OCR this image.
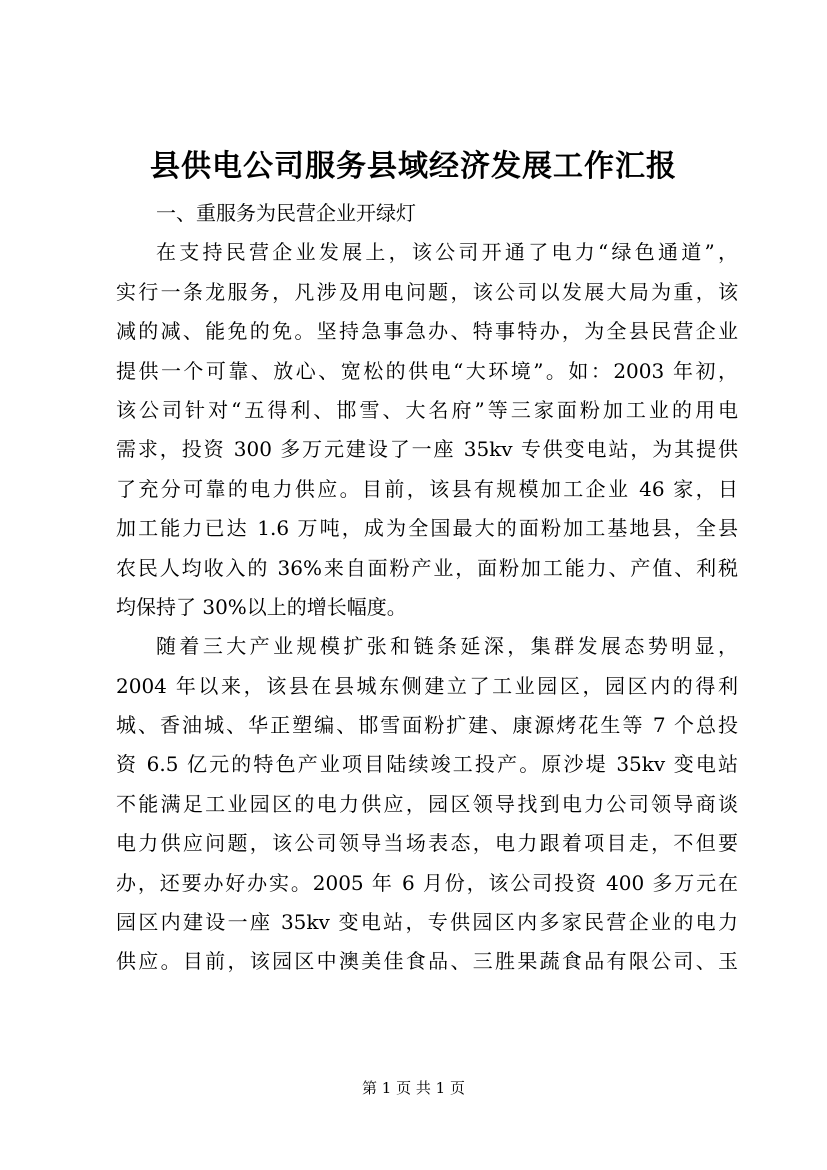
县供电公司服务县域经济发展工作汇报
一、重服务为民营企业开绿灯
在支持民营企业发展上，该公司开通了电力“绿色通道”，
实行一条龙服务，凡涉及用电问题，该公司以发展大局为重，该
减的减、能免的免。坚持急事急办、特事特办，为全县民营企业
提供一个可靠、放心、宽松的供电“大环境”。如：2003 年初，
该公司针对“五得利、邯雪、大名府”等三家面粉加工业的用电
需求，投资 300 多万元建设了一座 35kv 专供变电站，为其提供
了充分可靠的电力供应。目前，该县有规模加工企业 46 家，日
加工能力已达 1.6 万吨，成为全国最大的面粉加工基地县，全县
农民人均收入的 36%来自面粉产业，面粉加工能力、产值、利税
均保持了 30%以上的增长幅度。
随着三大产业规模扩张和链条延深，集群发展态势明显，
2004 年以来，该县在县城东侧建立了工业园区，园区内的得利
城、香油城、华正塑编、邯雪面粉扩建、康源烤花生等 7 个总投
资 6.5 亿元的特色产业项目陆续竣工投产。原沙堤 35kv 变电站
不能满足工业园区的电力供应，园区领导找到电力公司领导商谈
电力供应问题，该公司领导当场表态，电力跟着项目走，不但要
办，还要办好办实。2005 年 6 月份，该公司投资 400 多万元在
园区内建设一座 35kv 变电站，专供园区内多家民营企业的电力
供应。目前，该园区中澳美佳食品、三胜果蔬食品有限公司、玉
第 1 页 共 1 页
